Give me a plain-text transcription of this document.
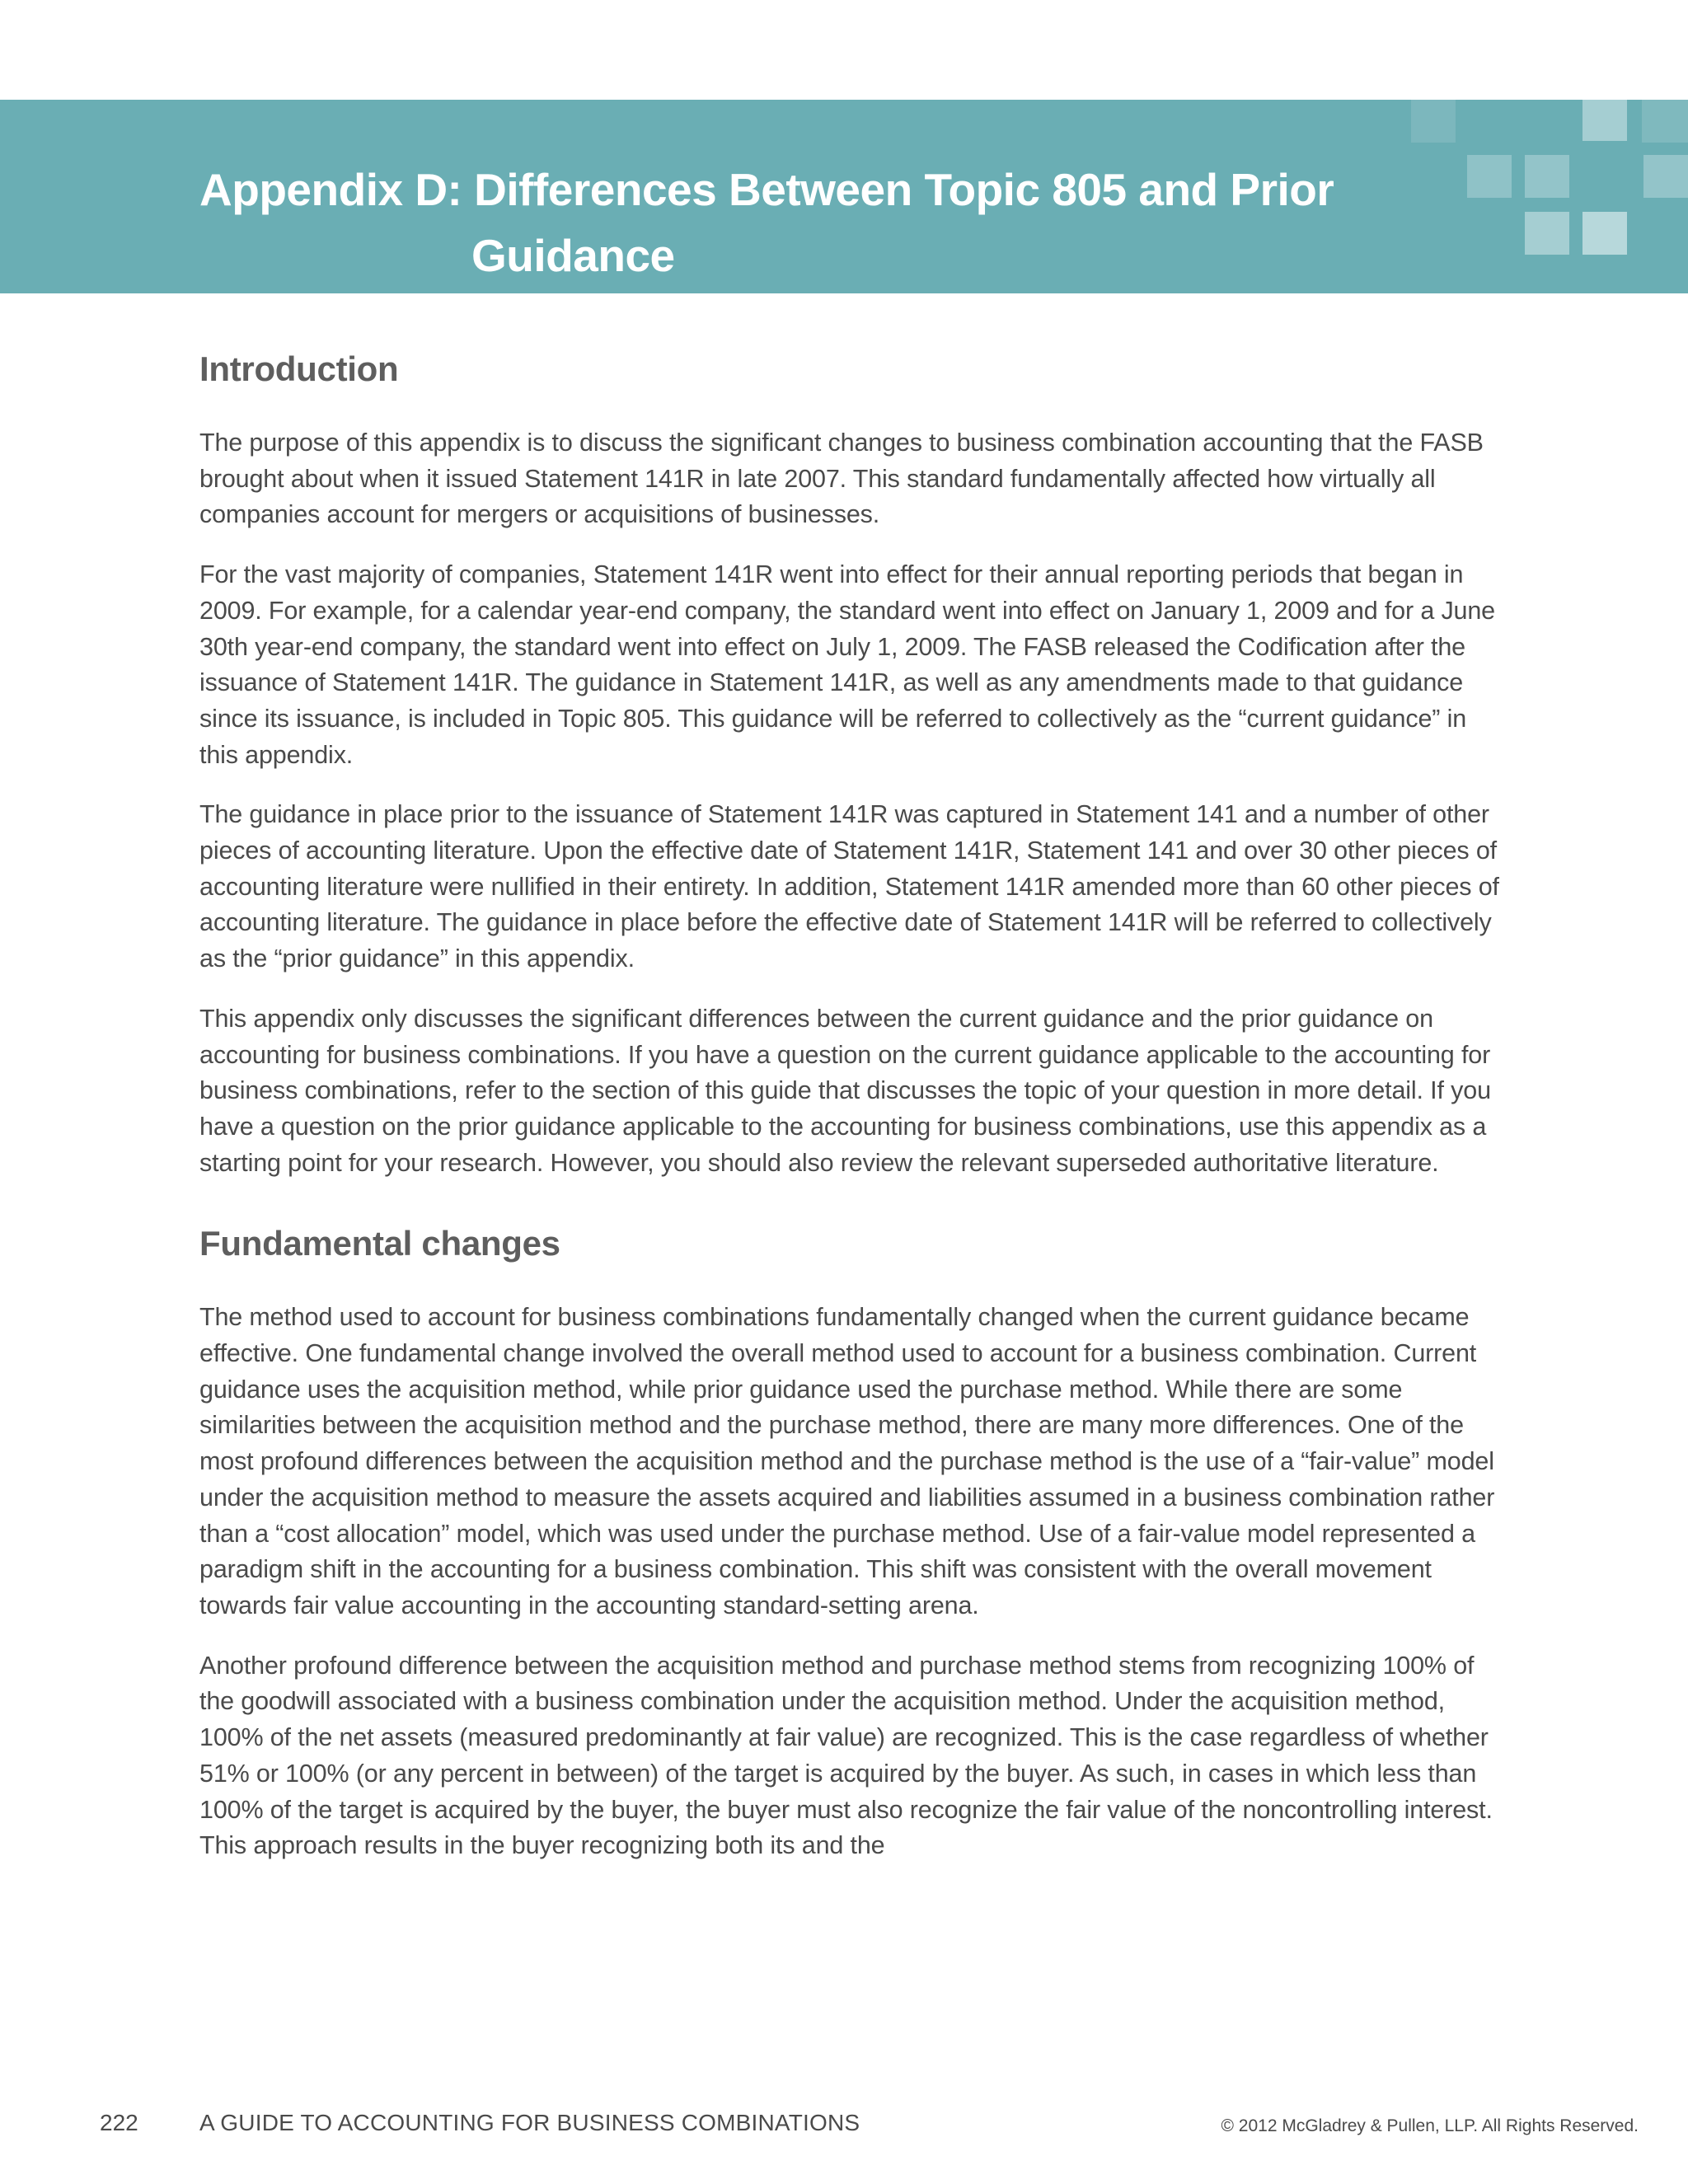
Appendix D: Differences Between Topic 805 and Prior
Guidance
Introduction

The purpose of this appendix is to discuss the significant changes to business combination accounting that the FASB brought about when it issued Statement 141R in late 2007. This standard fundamentally affected how virtually all companies account for mergers or acquisitions of businesses.

For the vast majority of companies, Statement 141R went into effect for their annual reporting periods that began in 2009. For example, for a calendar year-end company, the standard went into effect on January 1, 2009 and for a June 30th year-end company, the standard went into effect on July 1, 2009. The FASB released the Codification after the issuance of Statement 141R. The guidance in Statement 141R, as well as any amendments made to that guidance since its issuance, is included in Topic 805. This guidance will be referred to collectively as the “current guidance” in this appendix.

The guidance in place prior to the issuance of Statement 141R was captured in Statement 141 and a number of other pieces of accounting literature. Upon the effective date of Statement 141R, Statement 141 and over 30 other pieces of accounting literature were nullified in their entirety. In addition, Statement 141R amended more than 60 other pieces of accounting literature. The guidance in place before the effective date of Statement 141R will be referred to collectively as the “prior guidance” in this appendix.

This appendix only discusses the significant differences between the current guidance and the prior guidance on accounting for business combinations. If you have a question on the current guidance applicable to the accounting for business combinations, refer to the section of this guide that discusses the topic of your question in more detail. If you have a question on the prior guidance applicable to the accounting for business combinations, use this appendix as a starting point for your research. However, you should also review the relevant superseded authoritative literature.

Fundamental changes

The method used to account for business combinations fundamentally changed when the current guidance became effective. One fundamental change involved the overall method used to account for a business combination. Current guidance uses the acquisition method, while prior guidance used the purchase method. While there are some similarities between the acquisition method and the purchase method, there are many more differences. One of the most profound differences between the acquisition method and the purchase method is the use of a “fair-value” model under the acquisition method to measure the assets acquired and liabilities assumed in a business combination rather than a “cost allocation” model, which was used under the purchase method. Use of a fair-value model represented a paradigm shift in the accounting for a business combination. This shift was consistent with the overall movement towards fair value accounting in the accounting standard-setting arena.

Another profound difference between the acquisition method and purchase method stems from recognizing 100% of the goodwill associated with a business combination under the acquisition method. Under the acquisition method, 100% of the net assets (measured predominantly at fair value) are recognized. This is the case regardless of whether 51% or 100% (or any percent in between) of the target is acquired by the buyer. As such, in cases in which less than 100% of the target is acquired by the buyer, the buyer must also recognize the fair value of the noncontrolling interest. This approach results in the buyer recognizing both its and the

222	A GUIDE TO ACCOUNTING FOR BUSINESS COMBINATIONS	© 2012 McGladrey & Pullen, LLP. All Rights Reserved.
